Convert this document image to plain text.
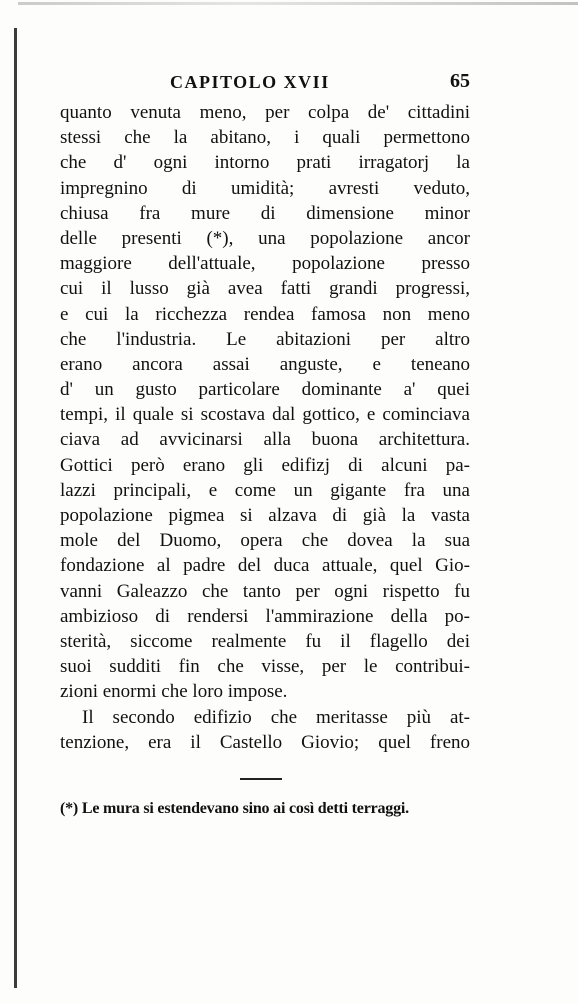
CAPITOLO XVII	65
quanto venuta meno, per colpa de' cittadini
stessi che la abitano, i quali permettono
che d' ogni intorno prati irragatorj la
impregnino di umidità; avresti veduto,
chiusa fra mure di dimensione minor
delle presenti (*), una popolazione ancor
maggiore dell'attuale, popolazione presso
cui il lusso già avea fatti grandi progressi,
e cui la ricchezza rendea famosa non meno
che l'industria. Le abitazioni per altro
erano ancora assai anguste, e teneano
d' un gusto particolare dominante a' quei
tempi, il quale si scostava dal gottico, e cominciava
ciava ad avvicinarsi alla buona architettura.
Gottici però erano gli edifizj di alcuni pa-
lazzi principali, e come un gigante fra una
popolazione pigmea si alzava di già la vasta
mole del Duomo, opera che dovea la sua
fondazione al padre del duca attuale, quel Gio-
vanni Galeazzo che tanto per ogni rispetto fu
ambizioso di rendersi l'ammirazione della po-
sterità, siccome realmente fu il flagello dei
suoi sudditi fin che visse, per le contribui-
zioni enormi che loro impose.
Il secondo edifizio che meritasse più at-
tenzione, era il Castello Giovio; quel freno
(*) Le mura si estendevano sino ai così detti terraggi.
